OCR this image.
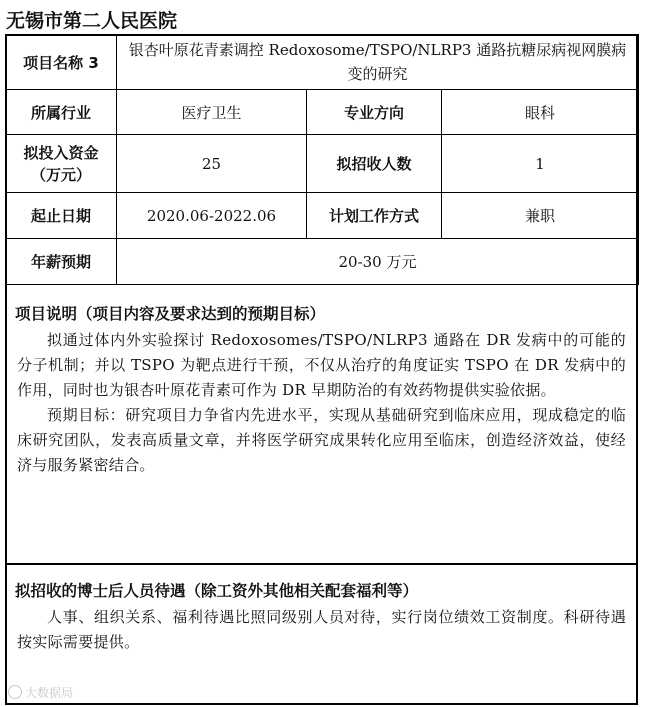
无锡市第二人民医院
项目名称 3	银杏叶原花青素调控 Redoxosome/TSPO/NLRP3 通路抗糖尿病视网膜病变的研究		
所属行业	医疗卫生	专业方向	眼科
拟投入资金（万元）	25	拟招收人数	1
起止日期	2020.06-2022.06	计划工作方式	兼职
年薪预期	20-30 万元		
项目说明（项目内容及要求达到的预期目标）
拟通过体内外实验探讨 Redoxosomes/TSPO/NLRP3 通路在 DR 发病中的可能的分子机制；并以 TSPO 为靶点进行干预，不仅从治疗的角度证实 TSPO 在 DR 发病中的作用，同时也为银杏叶原花青素可作为 DR 早期防治的有效药物提供实验依据。
预期目标：研究项目力争省内先进水平，实现从基础研究到临床应用，现成稳定的临床研究团队，发表高质量文章，并将医学研究成果转化应用至临床，创造经济效益，使经济与服务紧密结合。
拟招收的博士后人员待遇（除工资外其他相关配套福利等）
人事、组织关系、福利待遇比照同级别人员对待，实行岗位绩效工资制度。科研待遇按实际需要提供。
大数据局
